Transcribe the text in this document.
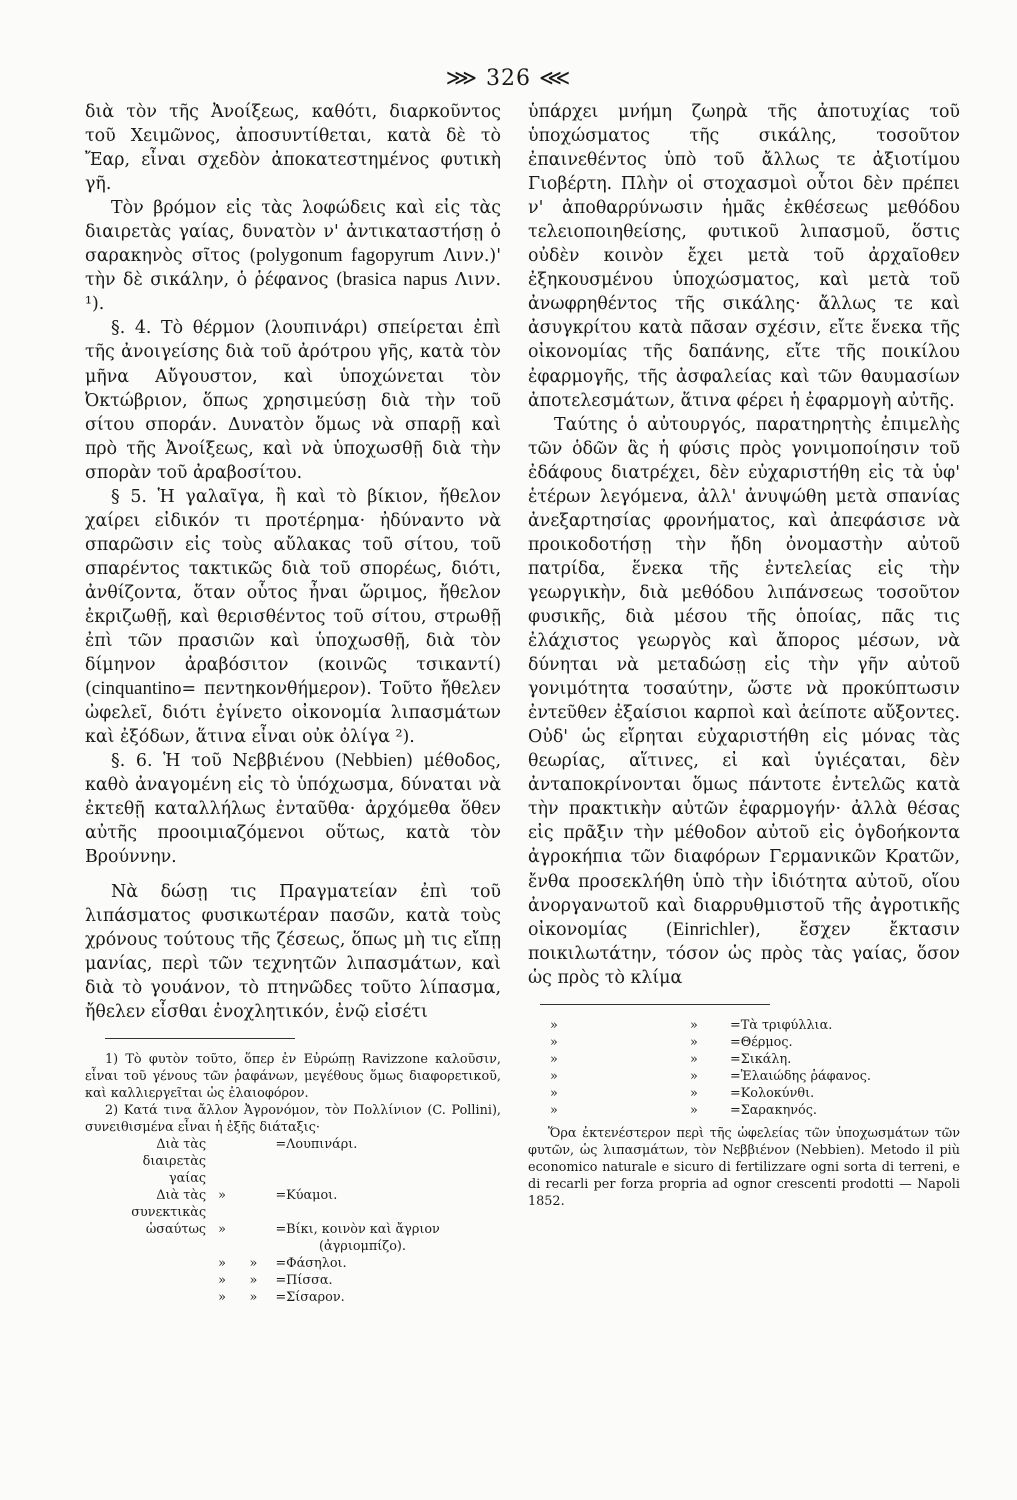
⋙ 326 ⋘

διὰ τὸν τῆς Ἀνοίξεως, καθότι, διαρκοῦντος τοῦ Χειμῶνος, ἀποσυντίθεται, κατὰ δὲ τὸ Ἔαρ, εἶναι σχεδὸν ἀποκατεστημένος φυτικὴ γῆ.

Τὸν βρόμον εἰς τὰς λοφώδεις καὶ εἰς τὰς διαιρετὰς γαίας, δυνατὸν ν' ἀντικαταστήσῃ ὁ σαρακηνὸς σῖτος (polygonum fagopyrum Λινν.)' τὴν δὲ σικάλην, ὁ ῥέφανος (brasica napus Λινν. ¹).

§. 4. Τὸ θέρμον (λουπινάρι) σπείρεται ἐπὶ τῆς ἀνοιγείσης διὰ τοῦ ἀρότρου γῆς, κατὰ τὸν μῆνα Αὔγουστον, καὶ ὑποχώνεται τὸν Ὀκτώβριον, ὅπως χρησιμεύσῃ διὰ τὴν τοῦ σίτου σποράν. Δυνατὸν ὅμως νὰ σπαρῇ καὶ πρὸ τῆς Ἀνοίξεως, καὶ νὰ ὑποχωσθῇ διὰ τὴν σπορὰν τοῦ ἀραβοσίτου.

§ 5. Ἡ γαλαῖγα, ἢ καὶ τὸ βίκιον, ἤθελον χαίρει εἰδικόν τι προτέρημα· ἠδύναντο νὰ σπαρῶσιν εἰς τοὺς αὔλακας τοῦ σίτου, τοῦ σπαρέντος τακτικῶς διὰ τοῦ σπορέως, διότι, ἀνθίζοντα, ὅταν οὗτος ἦναι ὥριμος, ἤθελον ἐκριζωθῇ, καὶ θερισθέντος τοῦ σίτου, στρωθῇ ἐπὶ τῶν πρασιῶν καὶ ὑποχωσθῇ, διὰ τὸν δίμηνον ἀραβόσιτον (κοινῶς τσικαντί) (cinquantino= πεντηκονθήμερον). Τοῦτο ἤθελεν ὠφελεῖ, διότι ἐγίνετο οἰκονομία λιπασμάτων καὶ ἐξόδων, ἅτινα εἶναι οὐκ ὀλίγα ²).

§. 6. Ἡ τοῦ Νεββιένου (Nebbien) μέθοδος, καθὸ ἀναγομένη εἰς τὸ ὑπόχωσμα, δύναται νὰ ἐκτεθῇ καταλλήλως ἐνταῦθα· ἀρχόμεθα ὅθεν αὐτῆς προοιμιαζόμενοι οὕτως, κατὰ τὸν Βρούννην.

Νὰ δώσῃ τις Πραγματείαν ἐπὶ τοῦ λιπάσματος φυσικωτέραν πασῶν, κατὰ τοὺς χρόνους τούτους τῆς ζέσεως, ὅπως μὴ τις εἴπῃ μανίας, περὶ τῶν τεχνητῶν λιπασμάτων, καὶ διὰ τὸ γουάνον, τὸ πτηνῶδες τοῦτο λίπασμα, ἤθελεν εἶσθαι ἐνοχλητικόν, ἐνῷ εἰσέτι

1) Τὸ φυτὸν τοῦτο, ὅπερ ἐν Εὐρώπῃ Ravizzone καλοῦσιν, εἶναι τοῦ γένους τῶν ῥαφάνων, μεγέθους ὅμως διαφορετικοῦ, καὶ καλλιεργεῖται ὡς ἐλαιοφόρον.

2) Κατά τινα ἄλλον Ἀγρονόμον, τὸν Πολλίνιον (C. Pollini), συνειθισμένα εἶναι ἡ ἐξῆς διάταξις·

Διὰ τὰς διαιρετὰς γαίας			=Λουπινάρι.
Διὰ τὰς συνεκτικὰς	»		=Κύαμοι.
ὡσαύτως	»		=Βίκι, κοινὸν καὶ ἄγριον
			(ἀγριομπίζο).
	»	»	=Φάσηλοι.
	»	»	=Πίσσα.
	»	»	=Σίσαρον.

ὑπάρχει μνήμη ζωηρὰ τῆς ἀποτυχίας τοῦ ὑποχώσματος τῆς σικάλης, τοσοῦτον ἐπαινεθέντος ὑπὸ τοῦ ἄλλως τε ἀξιοτίμου Γιοβέρτη. Πλὴν οἱ στοχασμοὶ οὗτοι δὲν πρέπει ν' ἀποθαρρύνωσιν ἡμᾶς ἐκθέσεως μεθόδου τελειοποιηθείσης, φυτικοῦ λιπασμοῦ, ὅστις οὐδὲν κοινὸν ἔχει μετὰ τοῦ ἀρχαῖοθεν ἐξηκουσμένου ὑποχώσματος, καὶ μετὰ τοῦ ἀνωφρηθέντος τῆς σικάλης· ἄλλως τε καὶ ἀσυγκρίτου κατὰ πᾶσαν σχέσιν, εἴτε ἕνεκα τῆς οἰκονομίας τῆς δαπάνης, εἴτε τῆς ποικίλου ἐφαρμογῆς, τῆς ἀσφαλείας καὶ τῶν θαυμασίων ἀποτελεσμάτων, ἅτινα φέρει ἡ ἐφαρμογὴ αὐτῆς.

Ταύτης ὁ αὐτουργός, παρατηρητὴς ἐπιμελὴς τῶν ὁδῶν ἃς ἡ φύσις πρὸς γονιμοποίησιν τοῦ ἐδάφους διατρέχει, δὲν εὐχαριστήθη εἰς τὰ ὑφ' ἑτέρων λεγόμενα, ἀλλ' ἀνυψώθη μετὰ σπανίας ἀνεξαρτησίας φρονήματος, καὶ ἀπεφάσισε νὰ προικοδοτήσῃ τὴν ἤδη ὀνομαστὴν αὐτοῦ πατρίδα, ἕνεκα τῆς ἐντελείας εἰς τὴν γεωργικὴν, διὰ μεθόδου λιπάνσεως τοσοῦτον φυσικῆς, διὰ μέσου τῆς ὁποίας, πᾶς τις ἐλάχιστος γεωργὸς καὶ ἄπορος μέσων, νὰ δύνηται νὰ μεταδώσῃ εἰς τὴν γῆν αὐτοῦ γονιμότητα τοσαύτην, ὥστε νὰ προκύπτωσιν ἐντεῦθεν ἐξαίσιοι καρποὶ καὶ ἀείποτε αὔξοντες. Οὐδ' ὡς εἴρηται εὐχαριστήθη εἰς μόνας τὰς θεωρίας, αἵτινες, εἰ καὶ ὑγιέςαται, δὲν ἀνταποκρίνονται ὅμως πάντοτε ἐντελῶς κατὰ τὴν πρακτικὴν αὐτῶν ἐφαρμογήν· ἀλλὰ θέσας εἰς πρᾶξιν τὴν μέθοδον αὐτοῦ εἰς ὀγδοήκοντα ἀγροκήπια τῶν διαφόρων Γερμανικῶν Κρατῶν, ἔνθα προσεκλήθη ὑπὸ τὴν ἰδιότητα αὐτοῦ, οἵου ἀνοργανωτοῦ καὶ διαρρυθμιστοῦ τῆς ἀγροτικῆς οἰκονομίας (Einrichler), ἔσχεν ἔκτασιν ποικιλωτάτην, τόσον ὡς πρὸς τὰς γαίας, ὅσον ὡς πρὸς τὸ κλίμα

»	»	=Τὰ τριφύλλια.
»	»	=Θέρμος.
»	»	=Σικάλη.
»	»	=Ἐλαιώδης ῥάφανος.
»	»	=Κολοκύνθι.
»	»	=Σαρακηνός.

Ὅρα ἐκτενέστερον περὶ τῆς ὠφελείας τῶν ὑποχωσμάτων τῶν φυτῶν, ὡς λιπασμάτων, τὸν Νεββιένον (Nebbien). Metodo il più economico naturale e sicuro di fertilizzare ogni sorta di terreni, e di recarli per forza propria ad ognor crescenti prodotti — Napoli 1852.
